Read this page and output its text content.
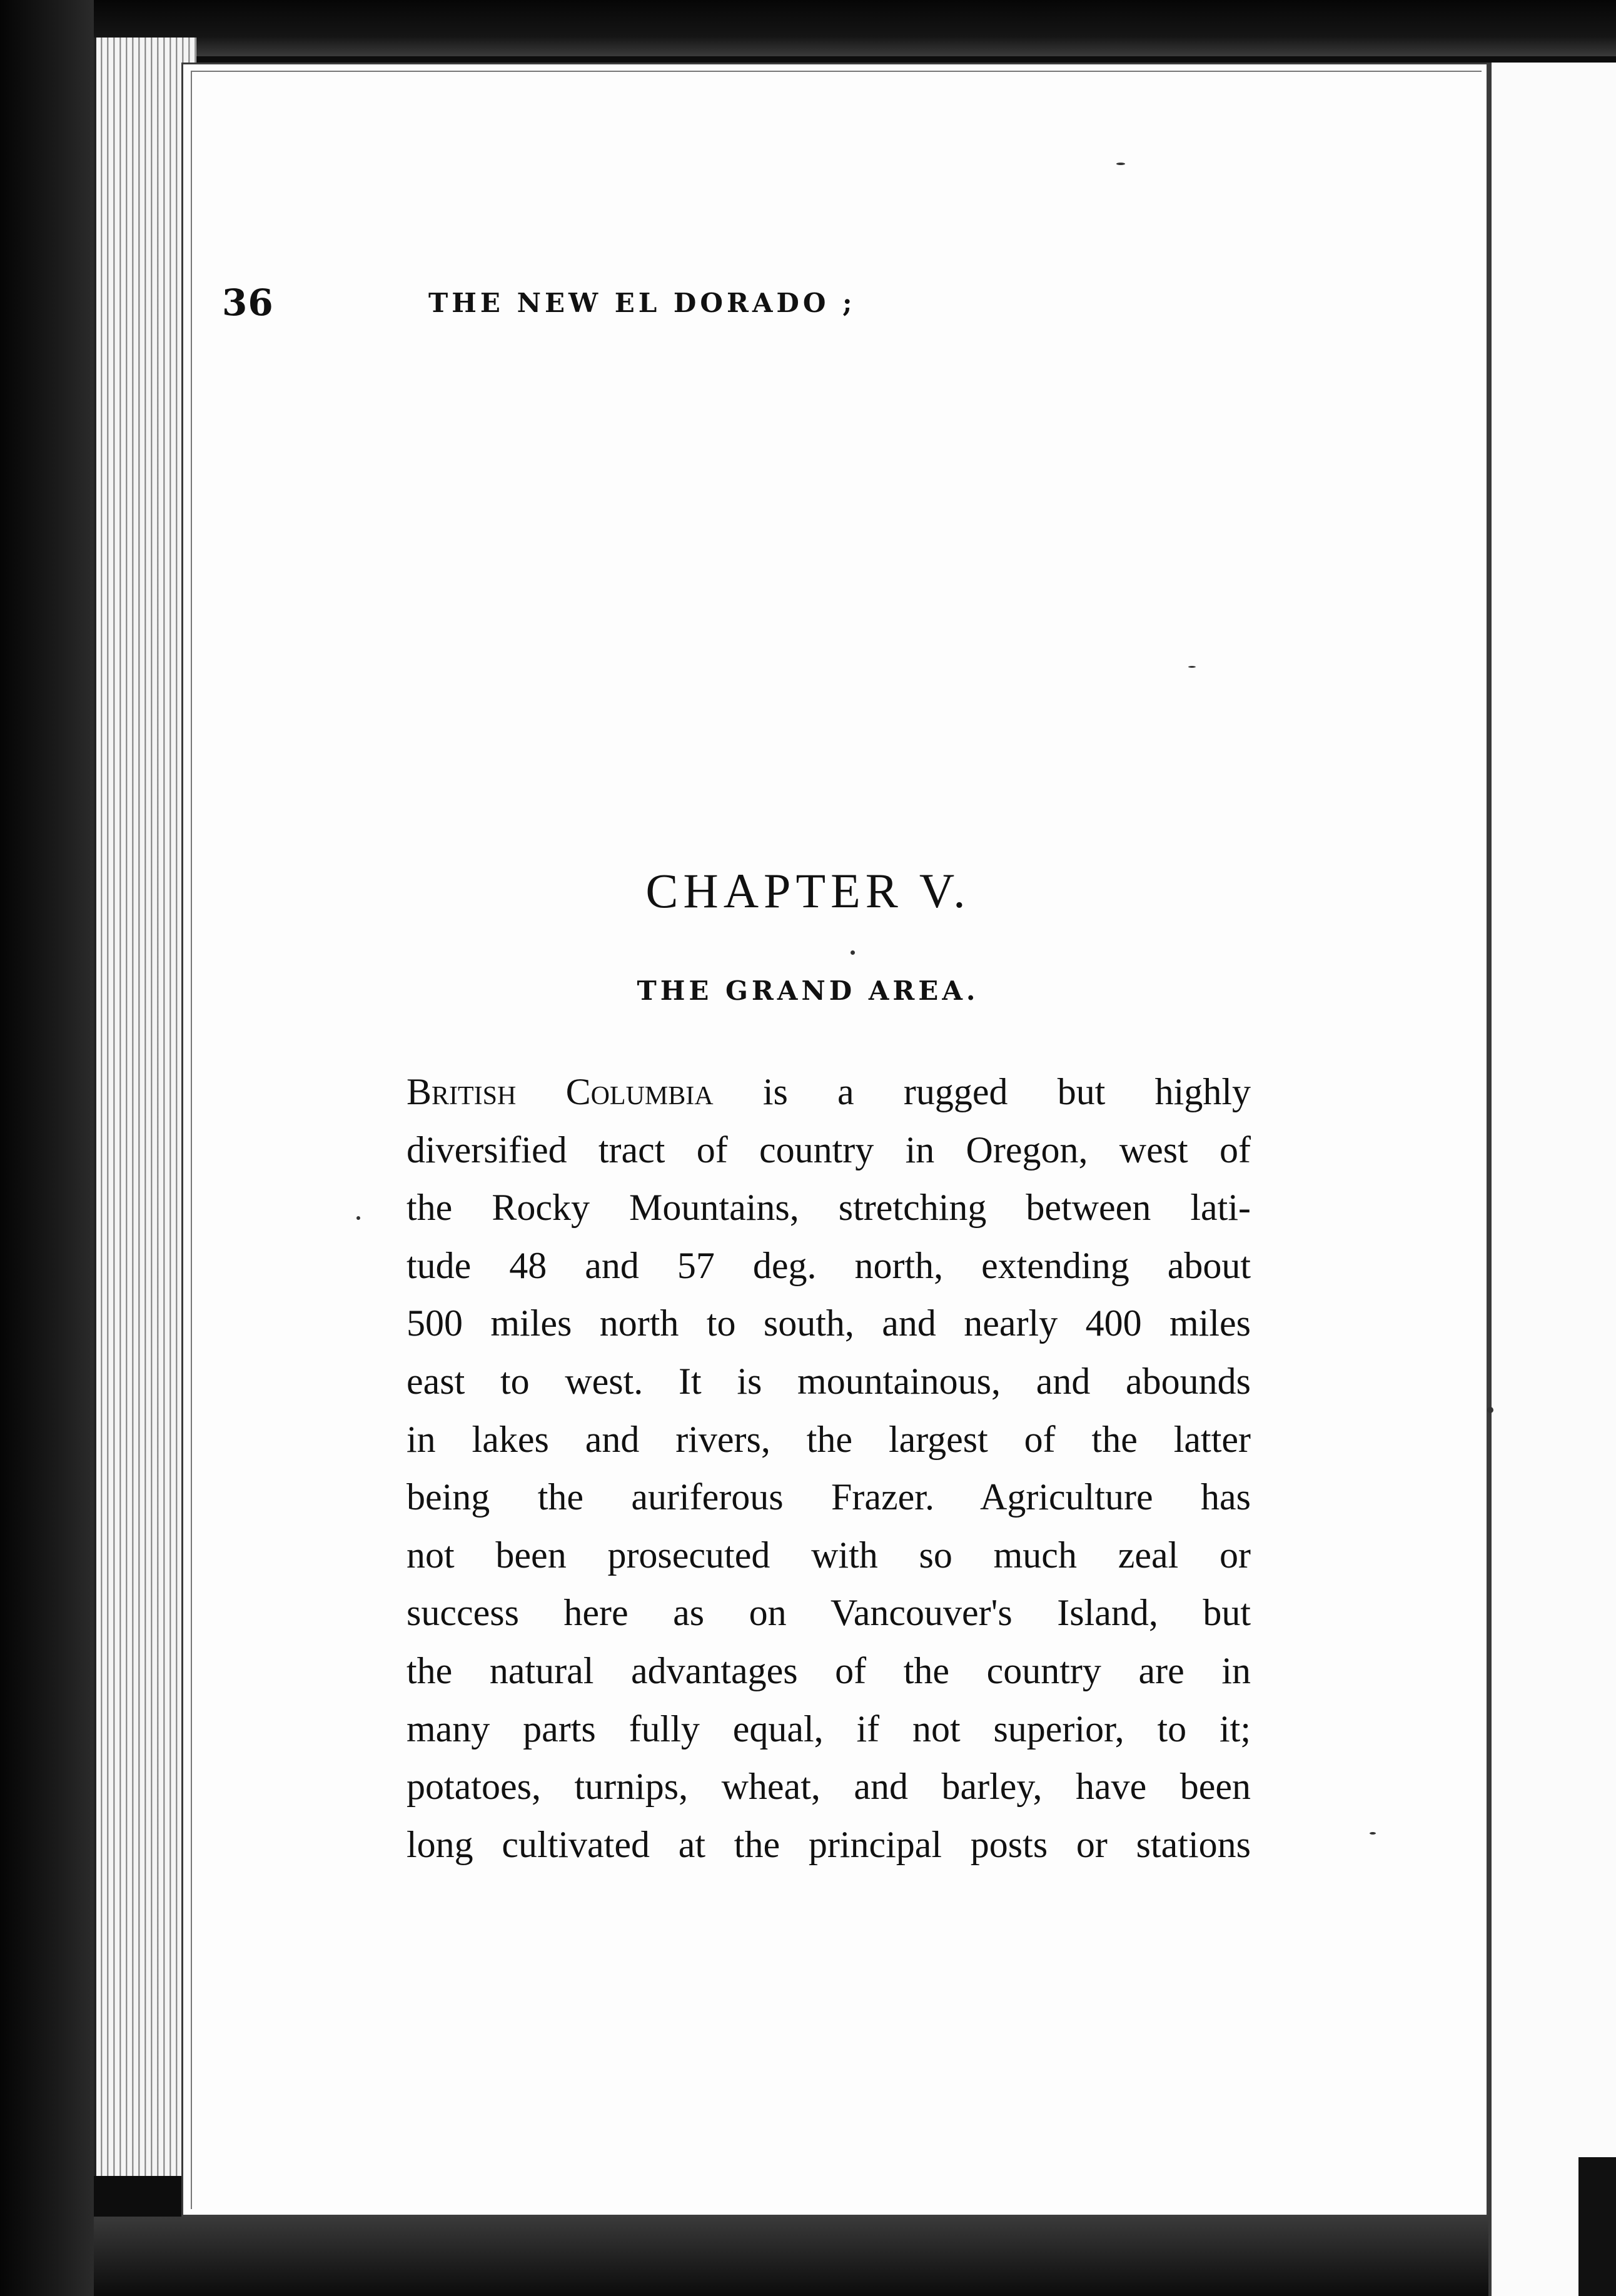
36	THE NEW EL DORADO ;
CHAPTER V.
THE GRAND AREA.
British Columbia is a rugged but highly
diversified tract of country in Oregon, west of
the Rocky Mountains, stretching between lati-
tude 48 and 57 deg. north, extending about
500 miles north to south, and nearly 400 miles
east to west. It is mountainous, and abounds
in lakes and rivers, the largest of the latter
being the auriferous Frazer. Agriculture has
not been prosecuted with so much zeal or
success here as on Vancouver's Island, but
the natural advantages of the country are in
many parts fully equal, if not superior, to it;
potatoes, turnips, wheat, and barley, have been
long cultivated at the principal posts or stations
